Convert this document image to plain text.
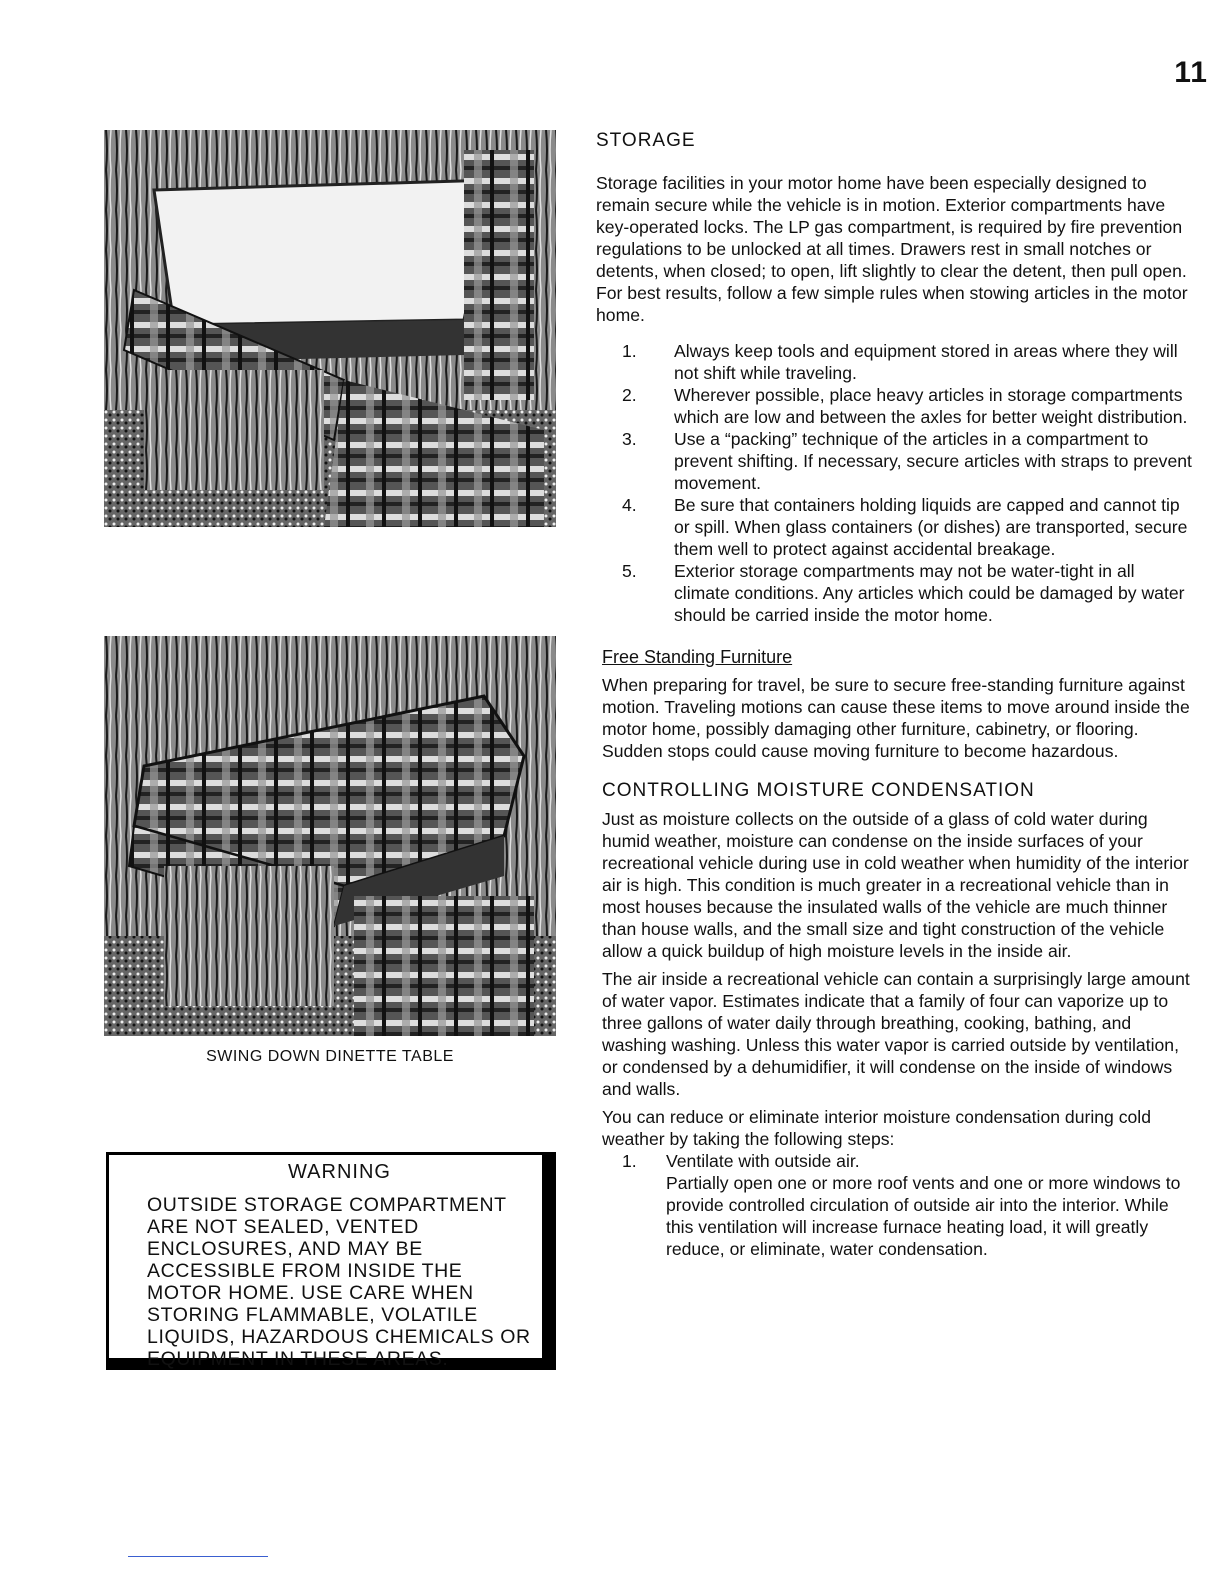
11
SWING DOWN DINETTE TABLE
WARNING

OUTSIDE STORAGE COMPARTMENT ARE NOT SEALED, VENTED ENCLOSURES, AND MAY BE ACCESSIBLE FROM INSIDE THE MOTOR HOME. USE CARE WHEN STORING FLAMMABLE, VOLATILE LIQUIDS, HAZARDOUS CHEMICALS OR EQUIPMENT IN THESE AREAS.

STORAGE

Storage facilities in your motor home have been especially designed to remain secure while the vehicle is in motion. Exterior compartments have key-operated locks. The LP gas compartment, is required by fire prevention regulations to be unlocked at all times. Drawers rest in small notches or detents, when closed; to open, lift slightly to clear the detent, then pull open. For best results, follow a few simple rules when stowing articles in the motor home.

1.	Always keep tools and equipment stored in areas where they will not shift while traveling.
2.	Wherever possible, place heavy articles in storage compartments which are low and between the axles for better weight distribution.
3.	Use a “packing” technique of the articles in a compartment to prevent shifting. If necessary, secure articles with straps to prevent movement.
4.	Be sure that containers holding liquids are capped and cannot tip or spill. When glass containers (or dishes) are transported, secure them well to protect against accidental breakage.
5.	Exterior storage compartments may not be water-tight in all climate conditions. Any articles which could be damaged by water should be carried inside the motor home.
Free Standing Furniture

When preparing for travel, be sure to secure free-standing furniture against motion. Traveling motions can cause these items to move around inside the motor home, possibly damaging other furniture, cabinetry, or flooring. Sudden stops could cause moving furniture to become hazardous.

CONTROLLING MOISTURE CONDENSATION

Just as moisture collects on the outside of a glass of cold water during humid weather, moisture can condense on the inside surfaces of your recreational vehicle during use in cold weather when humidity of the interior air is high. This condition is much greater in a recreational vehicle than in most houses because the insulated walls of the vehicle are much thinner than house walls, and the small size and tight construction of the vehicle allow a quick buildup of high moisture levels in the inside air.

The air inside a recreational vehicle can contain a surprisingly large amount of water vapor. Estimates indicate that a family of four can vaporize up to three gallons of water daily through breathing, cooking, bathing, and washing washing. Unless this water vapor is carried outside by ventilation, or condensed by a dehumidifier, it will condense on the inside of windows and walls.

You can reduce or eliminate interior moisture condensation during cold weather by taking the following steps:

1.	Ventilate with outside air.
Partially open one or more roof vents and one or more windows to provide controlled circulation of outside air into the interior. While this ventilation will increase furnace heating load, it will greatly reduce, or eliminate, water condensation.
